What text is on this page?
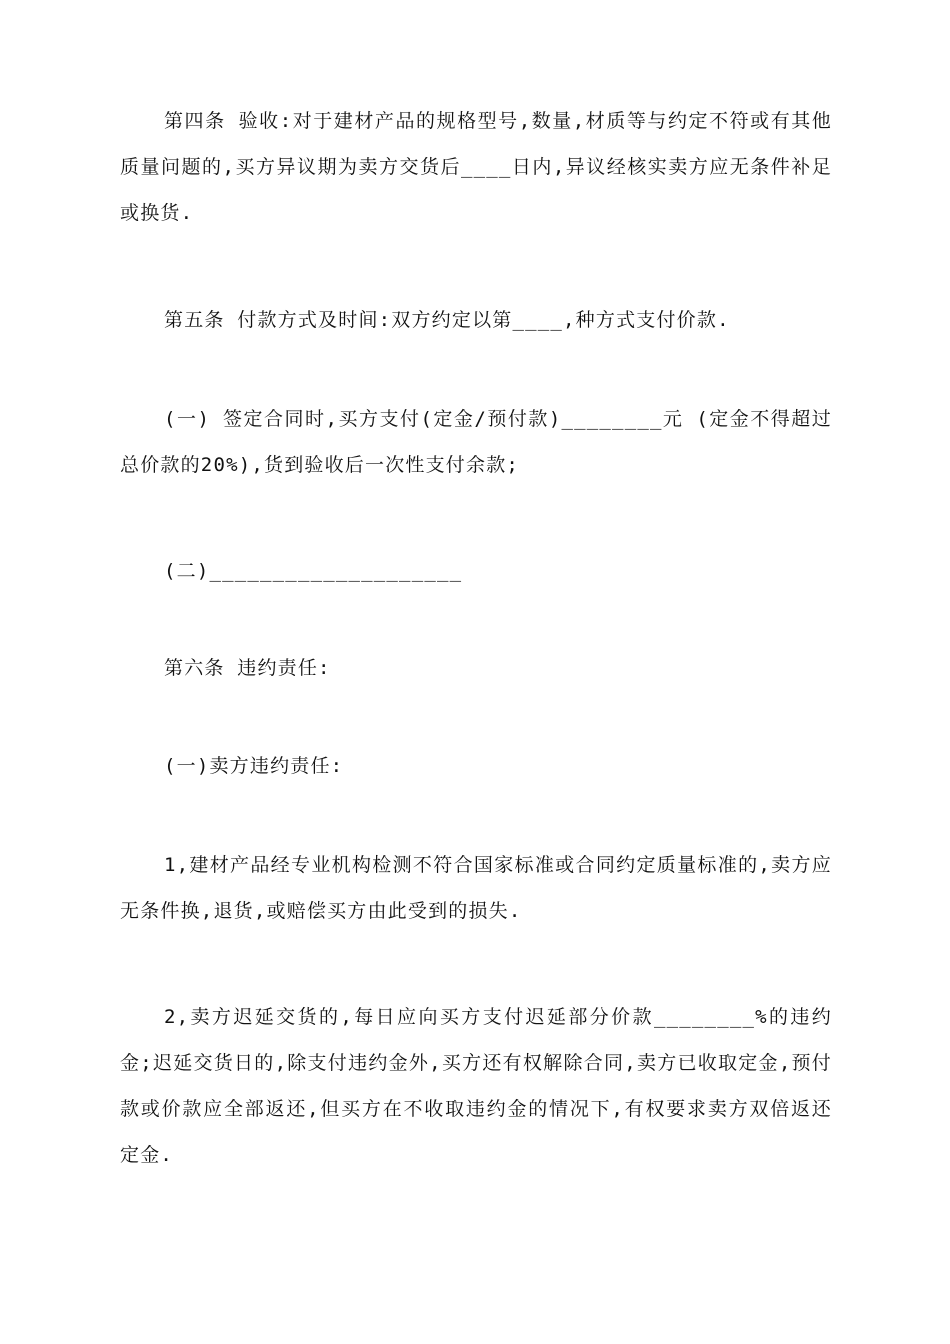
第四条 验收:对于建材产品的规格型号,数量,材质等与约定不符或有其他质量问题的,买方异议期为卖方交货后____日内,异议经核实卖方应无条件补足或换货.

第五条 付款方式及时间:双方约定以第____,种方式支付价款.

(一) 签定合同时,买方支付(定金/预付款)________元 (定金不得超过总价款的20%),货到验收后一次性支付余款;

(二)____________________

第六条 违约责任:

(一)卖方违约责任:

1,建材产品经专业机构检测不符合国家标准或合同约定质量标准的,卖方应无条件换,退货,或赔偿买方由此受到的损失.

2,卖方迟延交货的,每日应向买方支付迟延部分价款________%的违约金;迟延交货日的,除支付违约金外,买方还有权解除合同,卖方已收取定金,预付款或价款应全部返还,但买方在不收取违约金的情况下,有权要求卖方双倍返还定金.
